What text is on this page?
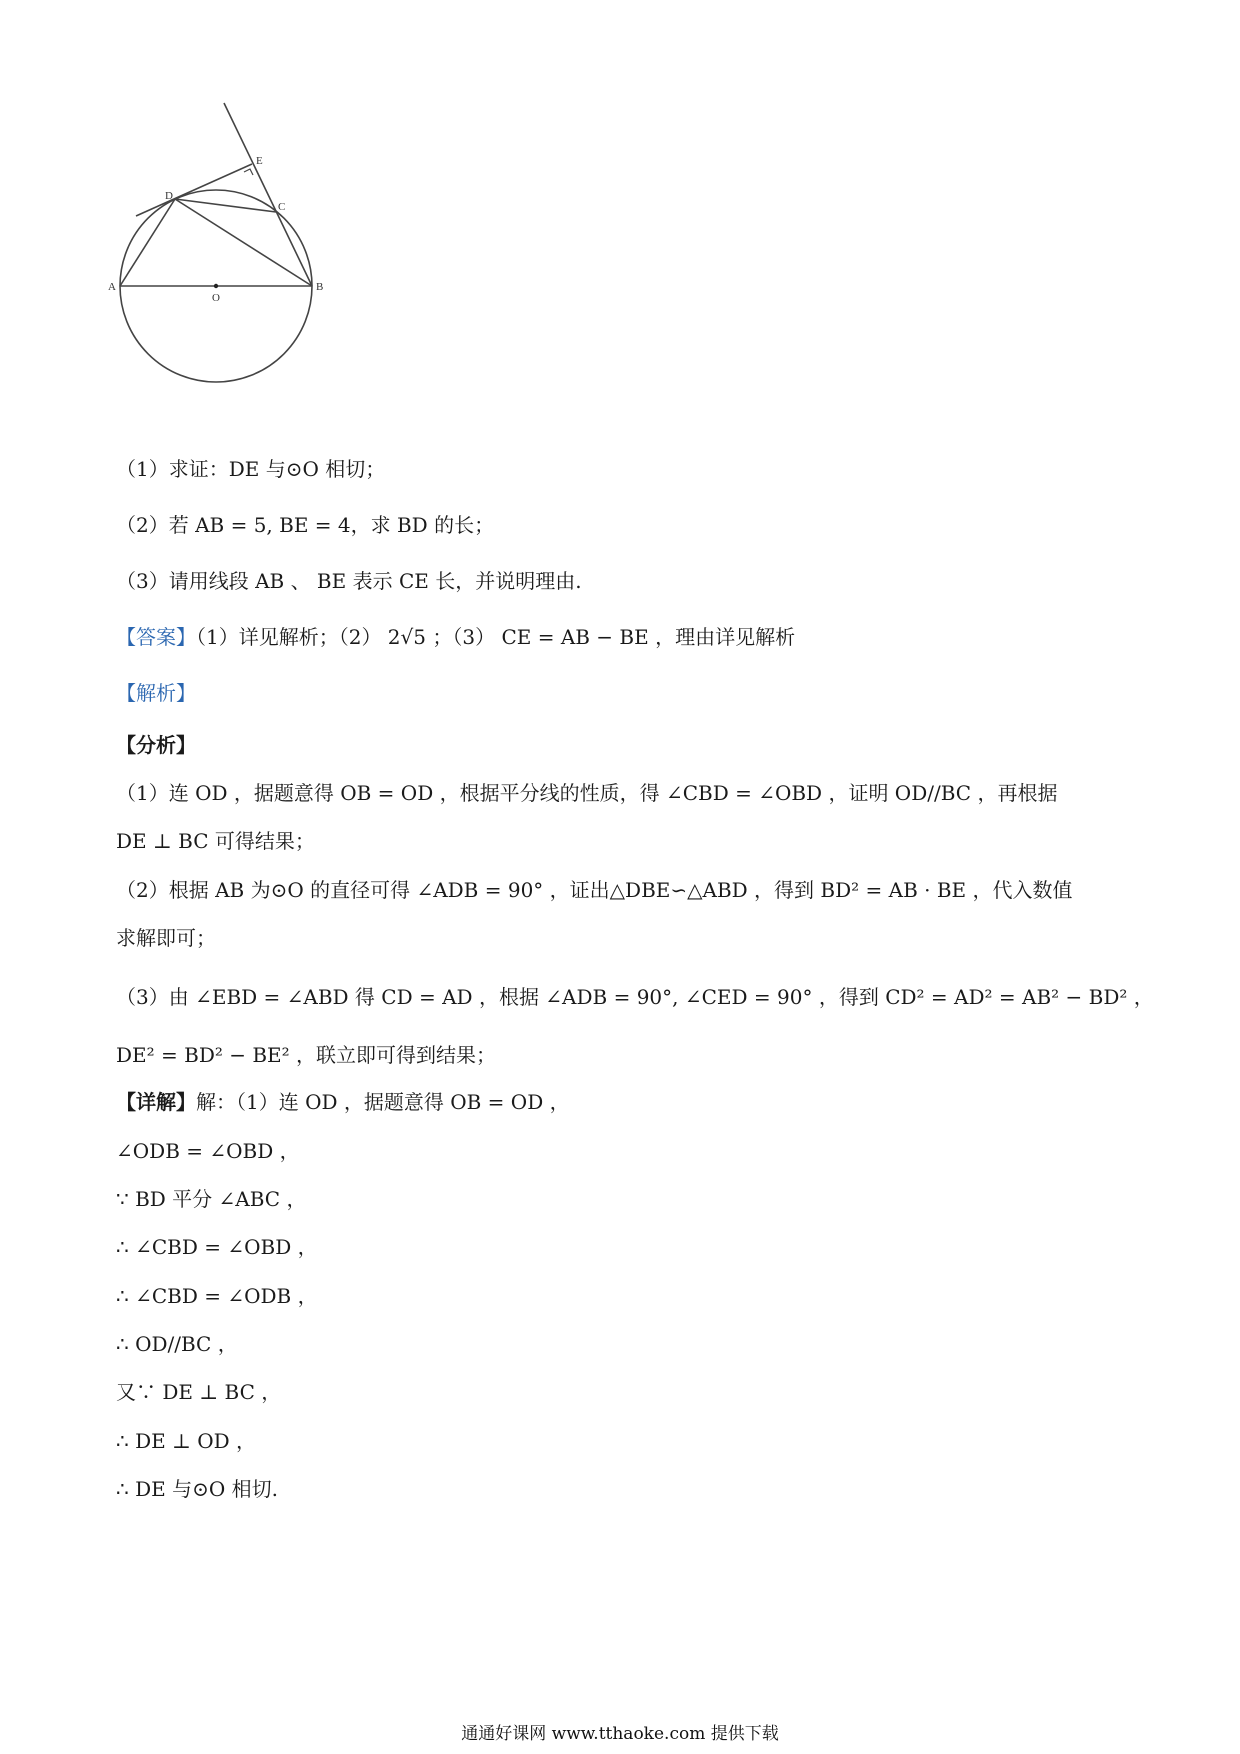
A	B
C
D
E
O
（1）求证：DE 与⊙O 相切；
（2）若 AB = 5, BE = 4，求 BD 的长；
（3）请用线段 AB 、 BE 表示 CE 长，并说明理由.
【答案】（1）详见解析；（2） 2√5 ；（3） CE = AB − BE ，理由详见解析
【解析】
【分析】
（1）连 OD ，据题意得 OB = OD ，根据平分线的性质，得 ∠CBD = ∠OBD ，证明 OD//BC ，再根据
DE ⊥ BC 可得结果；
（2）根据 AB 为⊙O 的直径可得 ∠ADB = 90° ，证出△DBE∽△ABD ，得到 BD² = AB · BE ，代入数值
求解即可；
（3）由 ∠EBD = ∠ABD 得 CD = AD ，根据 ∠ADB = 90°, ∠CED = 90° ，得到 CD² = AD² = AB² − BD² ，
DE² = BD² − BE² ，联立即可得到结果；
【详解】解：（1）连 OD ，据题意得 OB = OD ，
∠ODB = ∠OBD ，
∵ BD 平分 ∠ABC ，
∴ ∠CBD = ∠OBD ，
∴ ∠CBD = ∠ODB ，
∴ OD//BC ，
又∵ DE ⊥ BC ，
∴ DE ⊥ OD ，
∴ DE 与⊙O 相切.
通通好课网 www.tthaoke.com 提供下载
